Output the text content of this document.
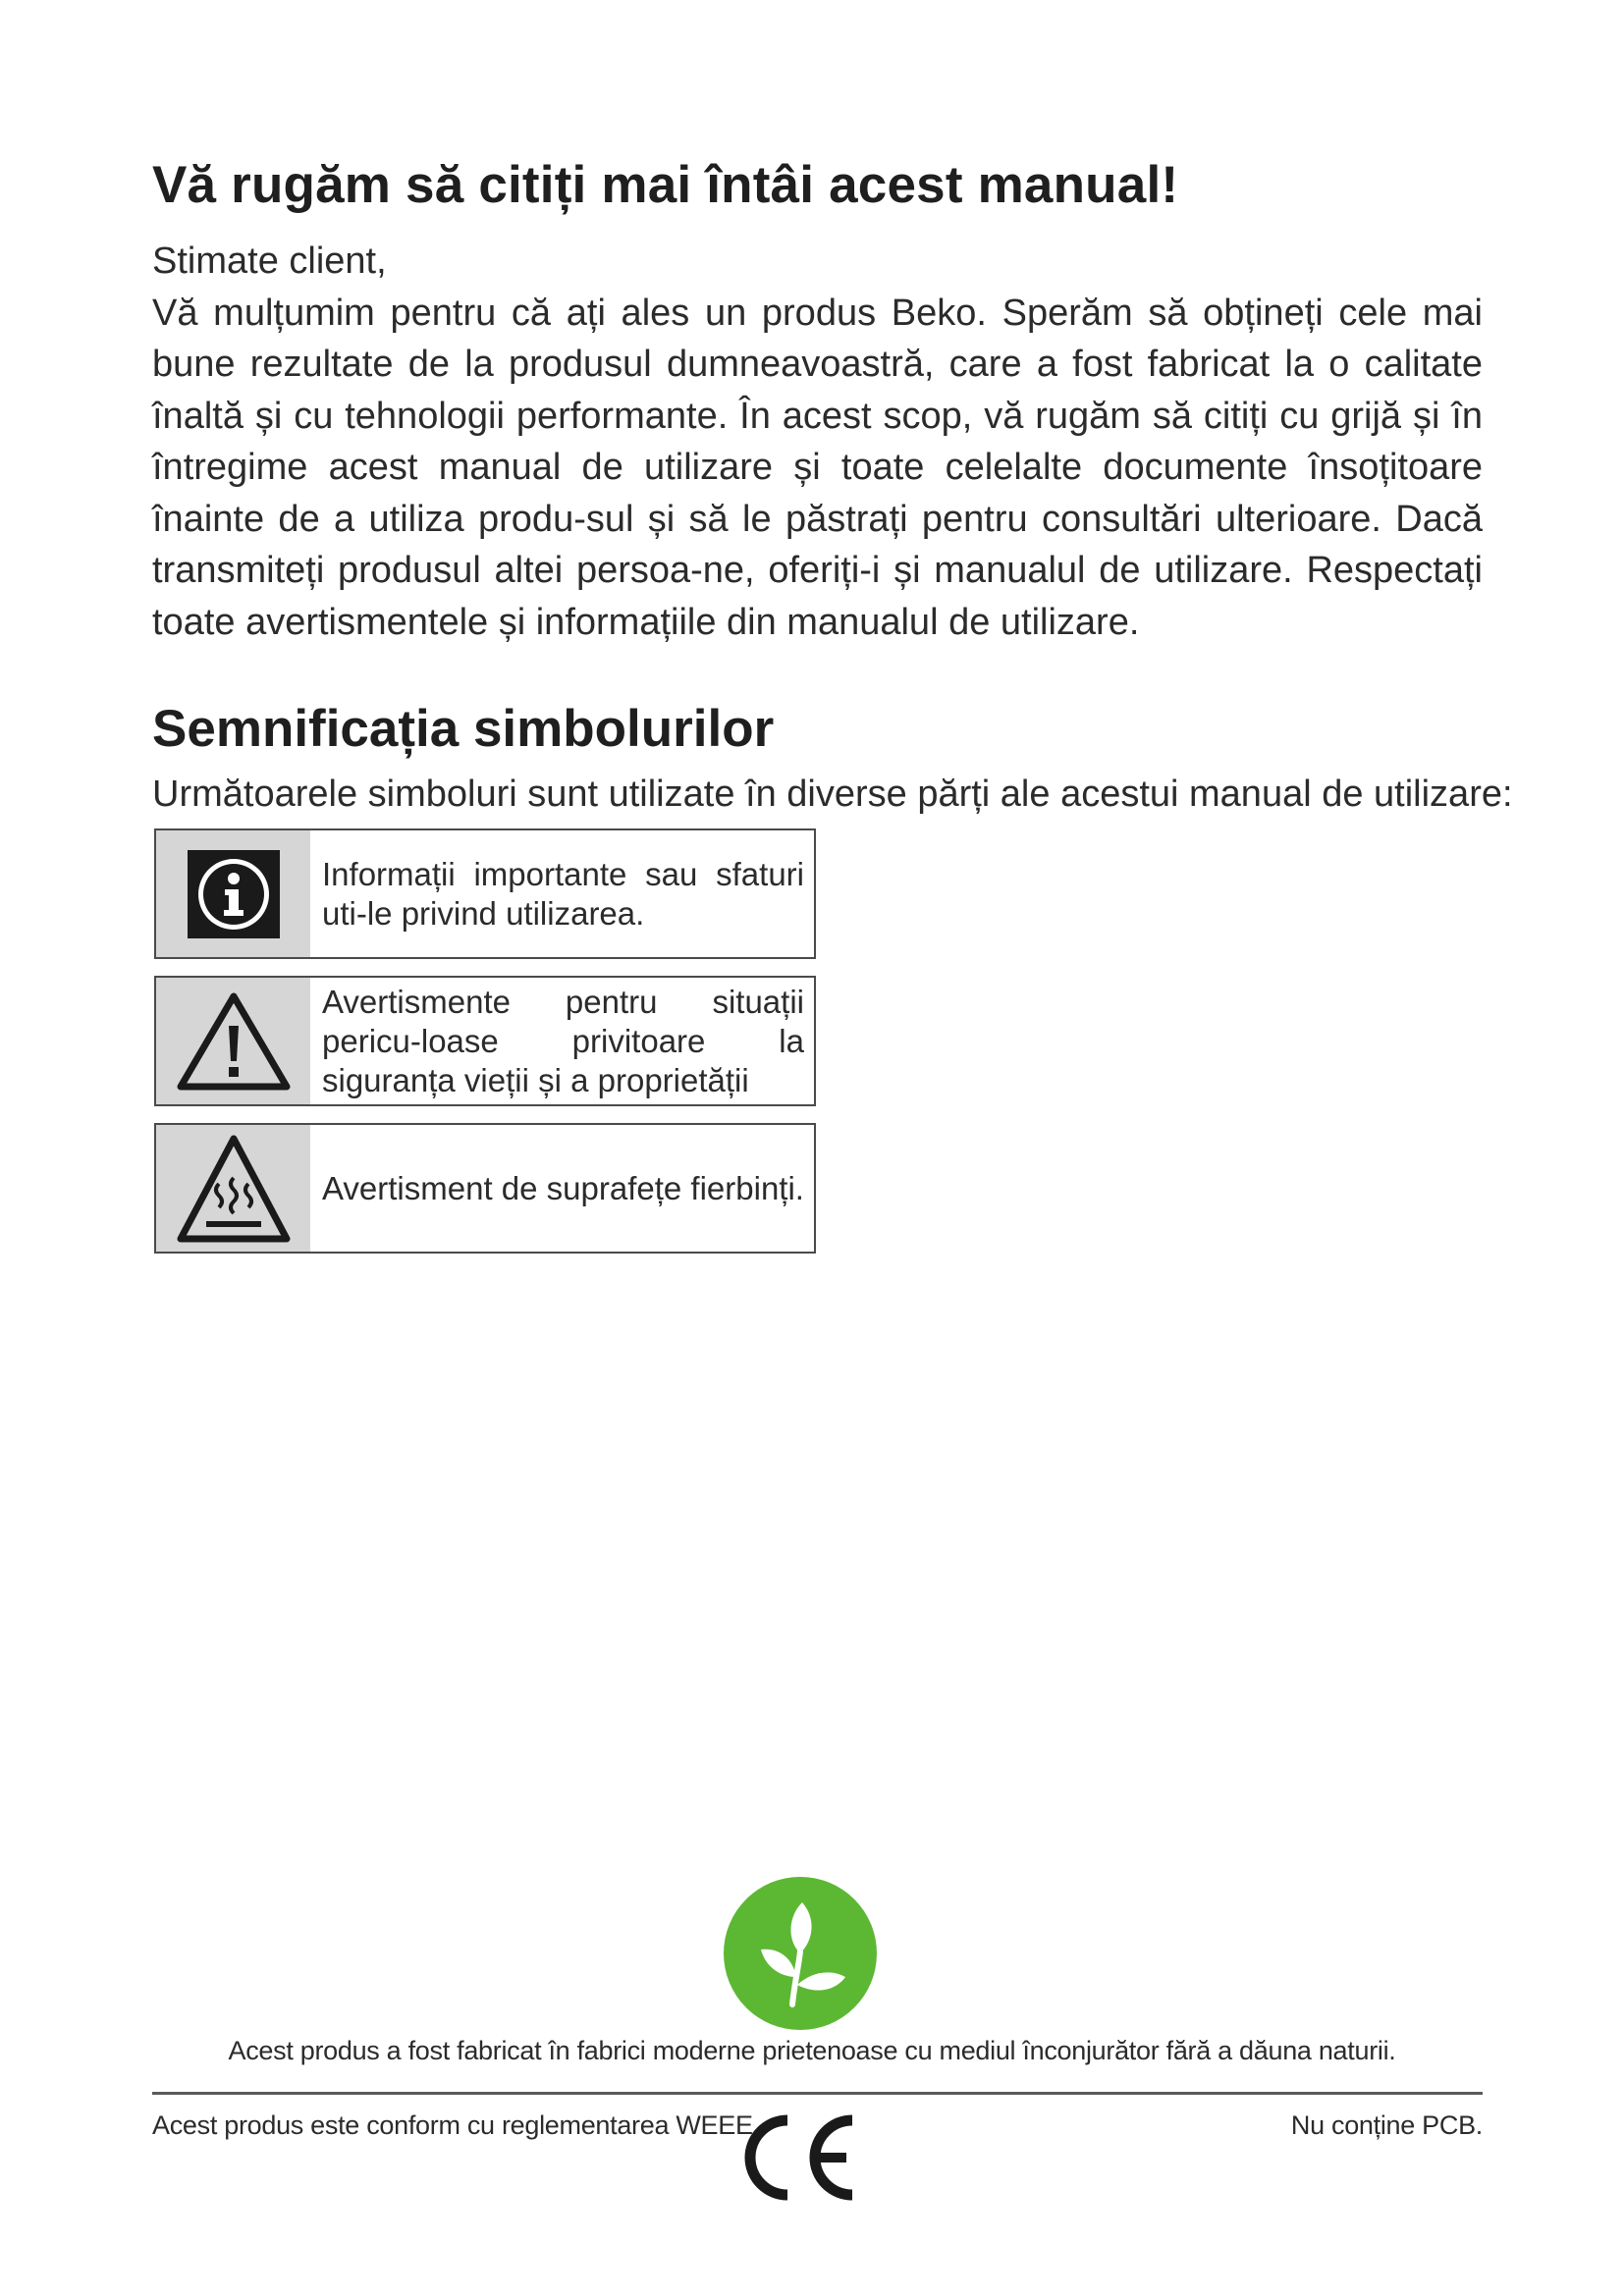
Vă rugăm să citiți mai întâi acest manual!

Stimate client,

Vă mulțumim pentru că ați ales un produs Beko. Sperăm să obțineți cele mai bune rezultate de la produsul dumneavoastră, care a fost fabricat la o calitate înaltă și cu tehnologii performante. În acest scop, vă rugăm să citiți cu grijă și în întregime acest manual de utilizare și toate celelalte documente însoțitoare înainte de a utiliza produ-sul și să le păstrați pentru consultări ulterioare. Dacă transmiteți produsul altei persoa-ne, oferiți-i și manualul de utilizare. Respectați toate avertismentele și informațiile din manualul de utilizare.

Semnificația simbolurilor
Următoarele simboluri sunt utilizate în diverse părți ale acestui manual de utilizare:
Informații importante sau sfaturi uti-le privind utilizarea.
Avertismente pentru situații pericu-loase privitoare la siguranța vieții și a proprietății
Avertisment de suprafețe fierbinți.
Acest produs a fost fabricat în fabrici moderne prietenoase cu mediul înconjurător fără a dăuna naturii.
Acest produs este conform cu reglementarea WEEE.	Nu conține PCB.
